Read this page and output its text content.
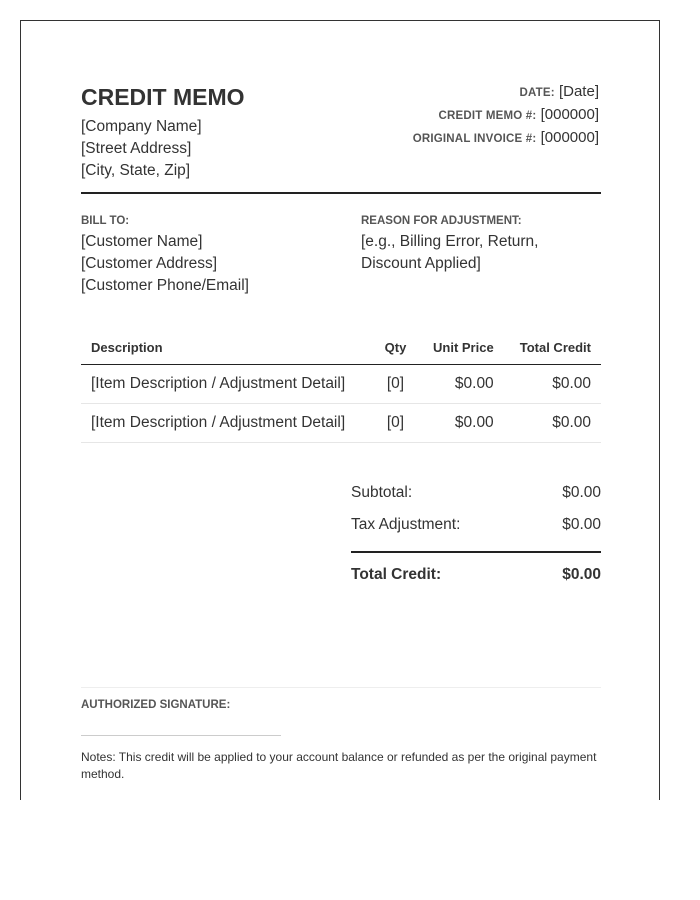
CREDIT MEMO
[Company Name]
[Street Address]
[City, State, Zip]
DATE: [Date]
CREDIT MEMO #: [000000]
ORIGINAL INVOICE #: [000000]
BILL TO:
[Customer Name]
[Customer Address]
[Customer Phone/Email]
REASON FOR ADJUSTMENT:
[e.g., Billing Error, Return,
Discount Applied]
Description	Qty	Unit Price	Total Credit
[Item Description / Adjustment Detail]	[0]	$0.00	$0.00
[Item Description / Adjustment Detail]	[0]	$0.00	$0.00
Subtotal:	$0.00
Tax Adjustment:	$0.00
Total Credit:	$0.00
AUTHORIZED SIGNATURE:
Notes: This credit will be applied to your account balance or refunded as per the original payment method.
